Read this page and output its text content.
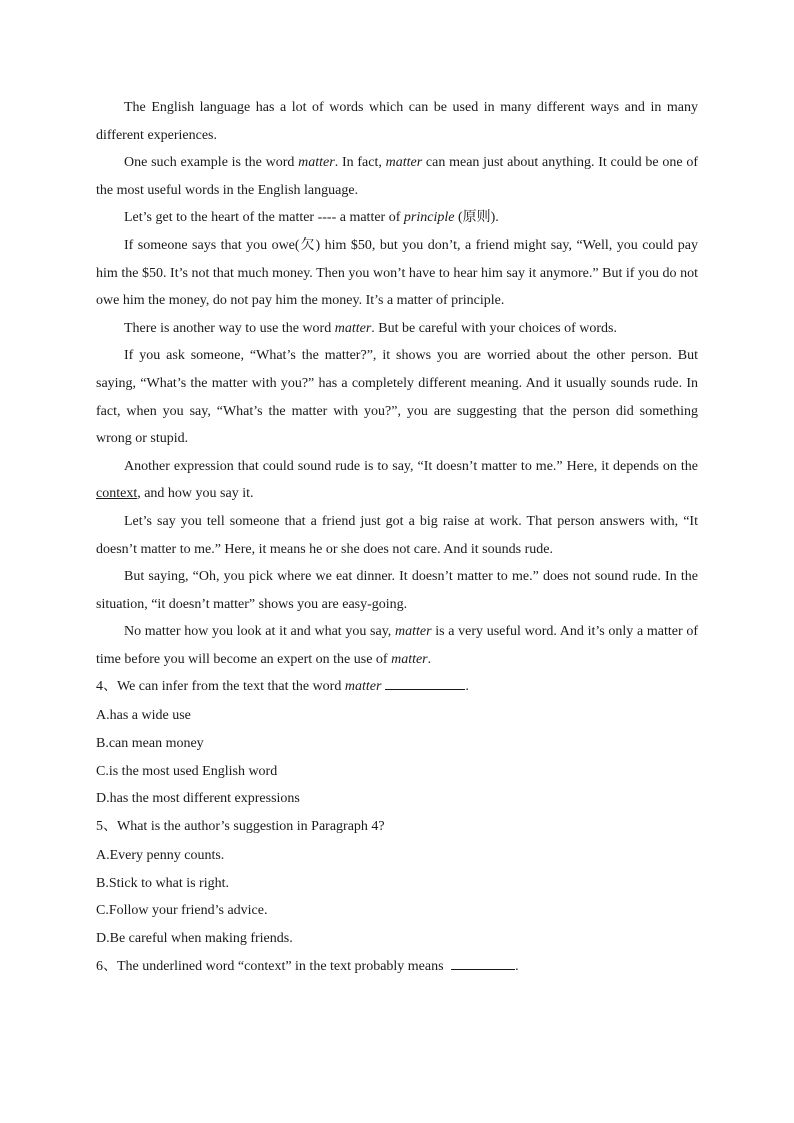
The English language has a lot of words which can be used in many different ways and in many different experiences.

One such example is the word matter. In fact, matter can mean just about anything. It could be one of the most useful words in the English language.

Let’s get to the heart of the matter ---- a matter of principle (原则).

If someone says that you owe(欠) him $50, but you don’t, a friend might say, “Well, you could pay him the $50. It’s not that much money. Then you won’t have to hear him say it anymore.” But if you do not owe him the money, do not pay him the money. It’s a matter of principle.

There is another way to use the word matter. But be careful with your choices of words.

If you ask someone, “What’s the matter?”, it shows you are worried about the other person. But saying, “What’s the matter with you?” has a completely different meaning. And it usually sounds rude. In fact, when you say, “What’s the matter with you?”, you are suggesting that the person did something wrong or stupid.

Another expression that could sound rude is to say, “It doesn’t matter to me.” Here, it depends on the context, and how you say it.

Let’s say you tell someone that a friend just got a big raise at work. That person answers with, “It doesn’t matter to me.” Here, it means he or she does not care. And it sounds rude.

But saying, “Oh, you pick where we eat dinner. It doesn’t matter to me.” does not sound rude. In the situation, “it doesn’t matter” shows you are easy-going.

No matter how you look at it and what you say, matter is a very useful word. And it’s only a matter of time before you will become an expert on the use of matter.

4、We can infer from the text that the word matter	.

A.has a wide use

B.can mean money

C.is the most used English word

D.has the most different expressions

5、What is the author’s suggestion in Paragraph 4?

A.Every penny counts.

B.Stick to what is right.

C.Follow your friend’s advice.

D.Be careful when making friends.

6、The underlined word “context” in the text probably means	.
